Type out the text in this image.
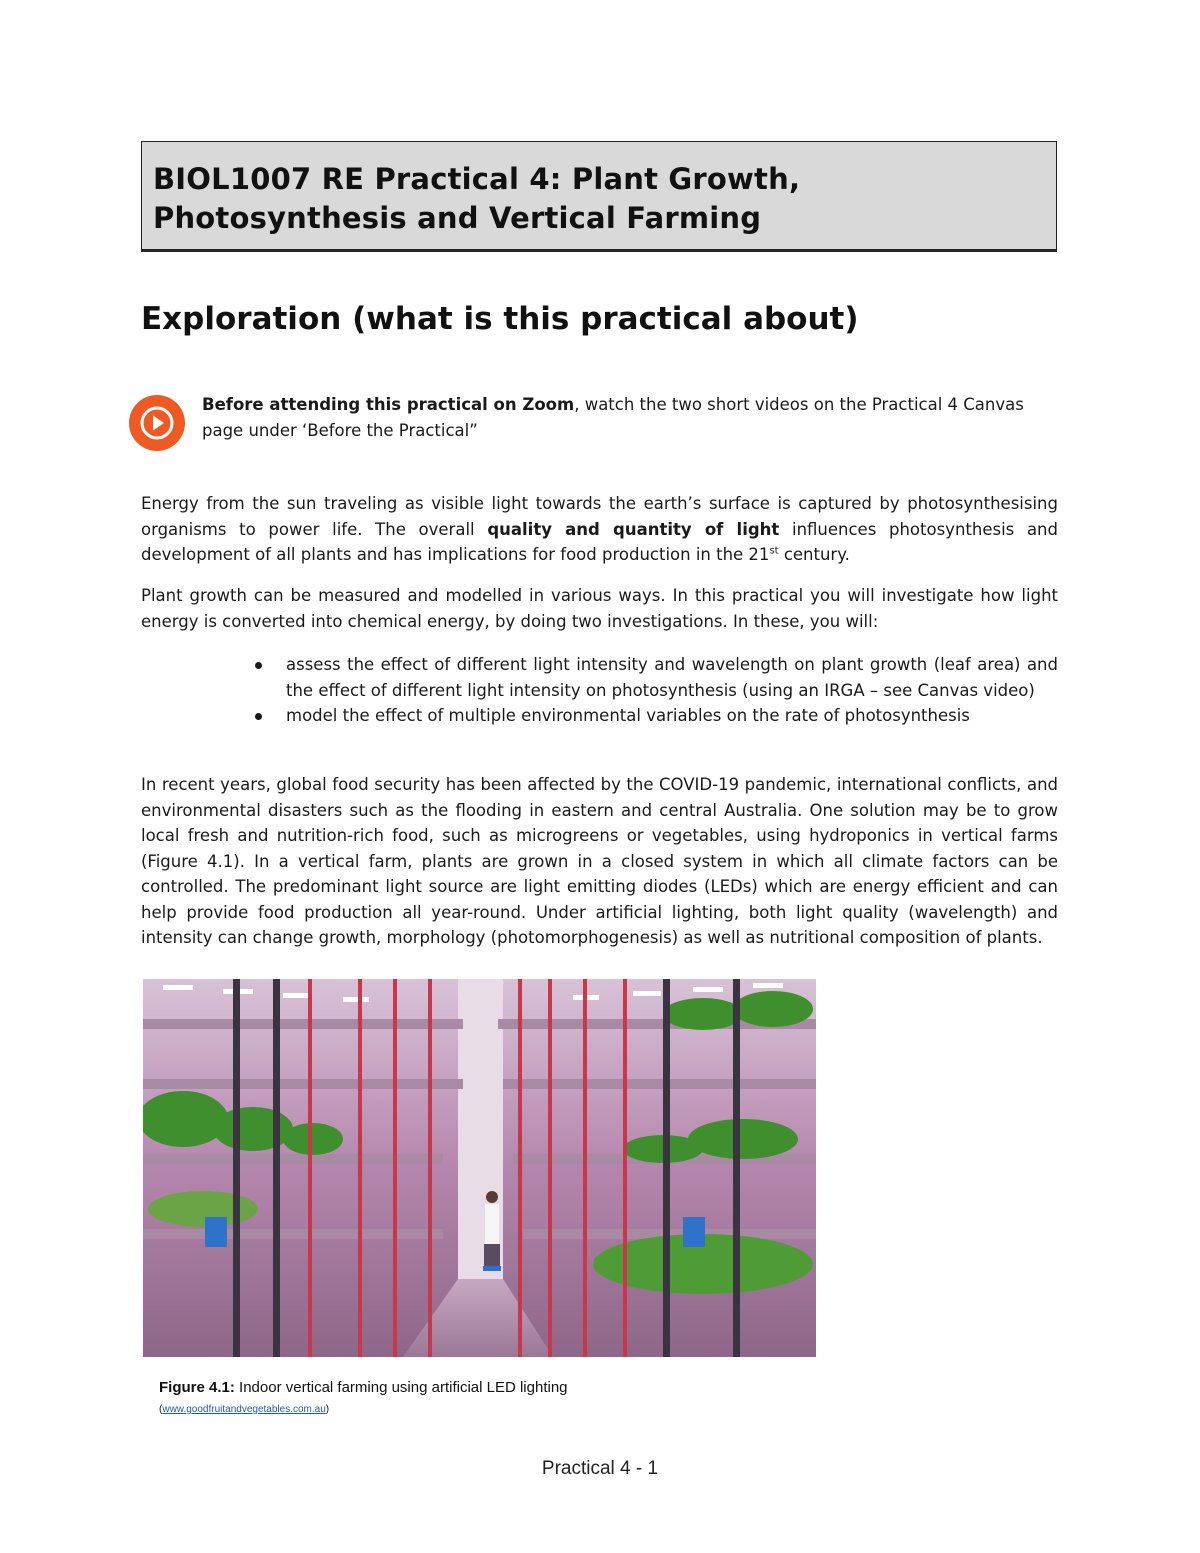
BIOL1007 RE Practical 4: Plant Growth, Photosynthesis and Vertical Farming
Exploration (what is this practical about)

Before attending this practical on Zoom, watch the two short videos on the Practical 4 Canvas page under ‘Before the Practical”

Energy from the sun traveling as visible light towards the earth’s surface is captured by photosynthesising organisms to power life. The overall quality and quantity of light influences photosynthesis and development of all plants and has implications for food production in the 21st century.

Plant growth can be measured and modelled in various ways. In this practical you will investigate how light energy is converted into chemical energy, by doing two investigations. In these, you will:

assess the effect of different light intensity and wavelength on plant growth (leaf area) and the effect of different light intensity on photosynthesis (using an IRGA – see Canvas video)
model the effect of multiple environmental variables on the rate of photosynthesis

In recent years, global food security has been affected by the COVID-19 pandemic, international conflicts, and environmental disasters such as the flooding in eastern and central Australia. One solution may be to grow local fresh and nutrition-rich food, such as microgreens or vegetables, using hydroponics in vertical farms (Figure 4.1). In a vertical farm, plants are grown in a closed system in which all climate factors can be controlled. The predominant light source are light emitting diodes (LEDs) which are energy efficient and can help provide food production all year-round. Under artificial lighting, both light quality (wavelength) and intensity can change growth, morphology (photomorphogenesis) as well as nutritional composition of plants.

Figure 4.1: Indoor vertical farming using artificial LED lighting

(www.goodfruitandvegetables.com.au)

Practical 4 - 1
